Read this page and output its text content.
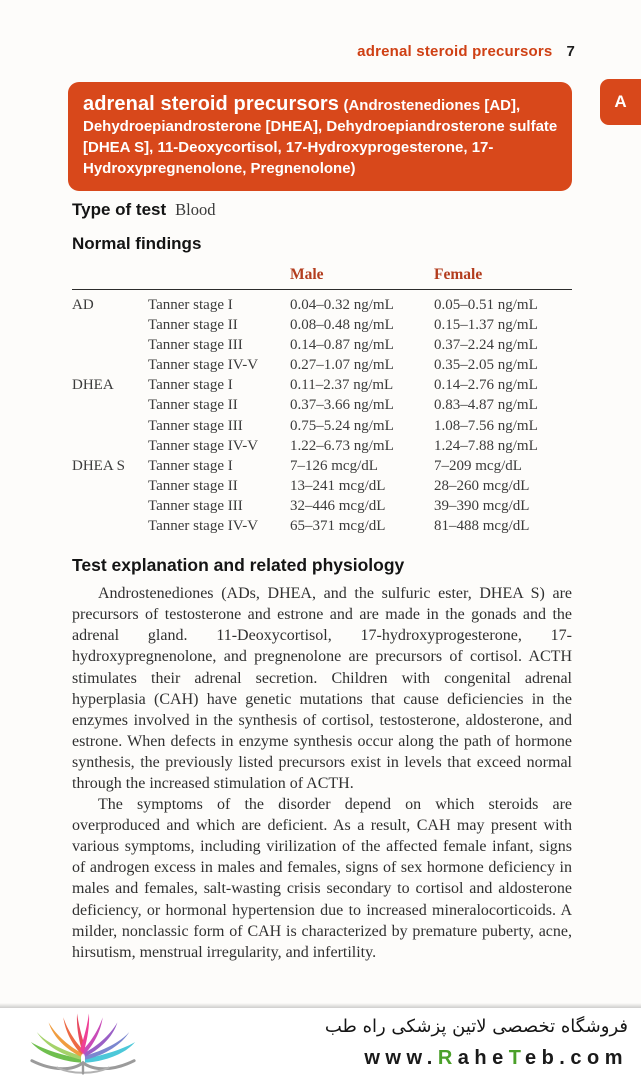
adrenal steroid precursors 7
A
adrenal steroid precursors (Androstenediones [AD], Dehydroepiandrosterone [DHEA], Dehydroepiandrosterone sulfate [DHEA S], 11-Deoxycortisol, 17-Hydroxyprogesterone, 17-Hydroxypregnenolone, Pregnenolone)
Type of test Blood
Normal findings
		Male	Female
AD	Tanner stage I	0.04–0.32 ng/mL	0.05–0.51 ng/mL
	Tanner stage II	0.08–0.48 ng/mL	0.15–1.37 ng/mL
	Tanner stage III	0.14–0.87 ng/mL	0.37–2.24 ng/mL
	Tanner stage IV-V	0.27–1.07 ng/mL	0.35–2.05 ng/mL
DHEA	Tanner stage I	0.11–2.37 ng/mL	0.14–2.76 ng/mL
	Tanner stage II	0.37–3.66 ng/mL	0.83–4.87 ng/mL
	Tanner stage III	0.75–5.24 ng/mL	1.08–7.56 ng/mL
	Tanner stage IV-V	1.22–6.73 ng/mL	1.24–7.88 ng/mL
DHEA S	Tanner stage I	7–126 mcg/dL	7–209 mcg/dL
	Tanner stage II	13–241 mcg/dL	28–260 mcg/dL
	Tanner stage III	32–446 mcg/dL	39–390 mcg/dL
	Tanner stage IV-V	65–371 mcg/dL	81–488 mcg/dL
Test explanation and related physiology

Androstenediones (ADs, DHEA, and the sulfuric ester, DHEA S) are precursors of testosterone and estrone and are made in the gonads and the adrenal gland. 11-Deoxycortisol, 17-hydroxyprogesterone, 17-hydroxypregnenolone, and pregnenolone are precursors of cortisol. ACTH stimulates their adrenal secretion. Children with congenital adrenal hyperplasia (CAH) have genetic mutations that cause deficiencies in the enzymes involved in the synthesis of cortisol, testosterone, aldosterone, and estrone. When defects in enzyme synthesis occur along the path of hormone synthesis, the previously listed precursors exist in levels that exceed normal through the increased stimulation of ACTH.

The symptoms of the disorder depend on which steroids are overproduced and which are deficient. As a result, CAH may present with various symptoms, including virilization of the affected female infant, signs of androgen excess in males and females, signs of sex hormone deficiency in males and females, salt-wasting crisis secondary to cortisol and aldosterone deficiency, or hormonal hypertension due to increased mineralocorticoids. A milder, nonclassic form of CAH is characterized by premature puberty, acne, hirsutism, menstrual irregularity, and infertility.

فروشگاه تخصصی لاتین پزشکی راه طب
www.RaheTeb.com
